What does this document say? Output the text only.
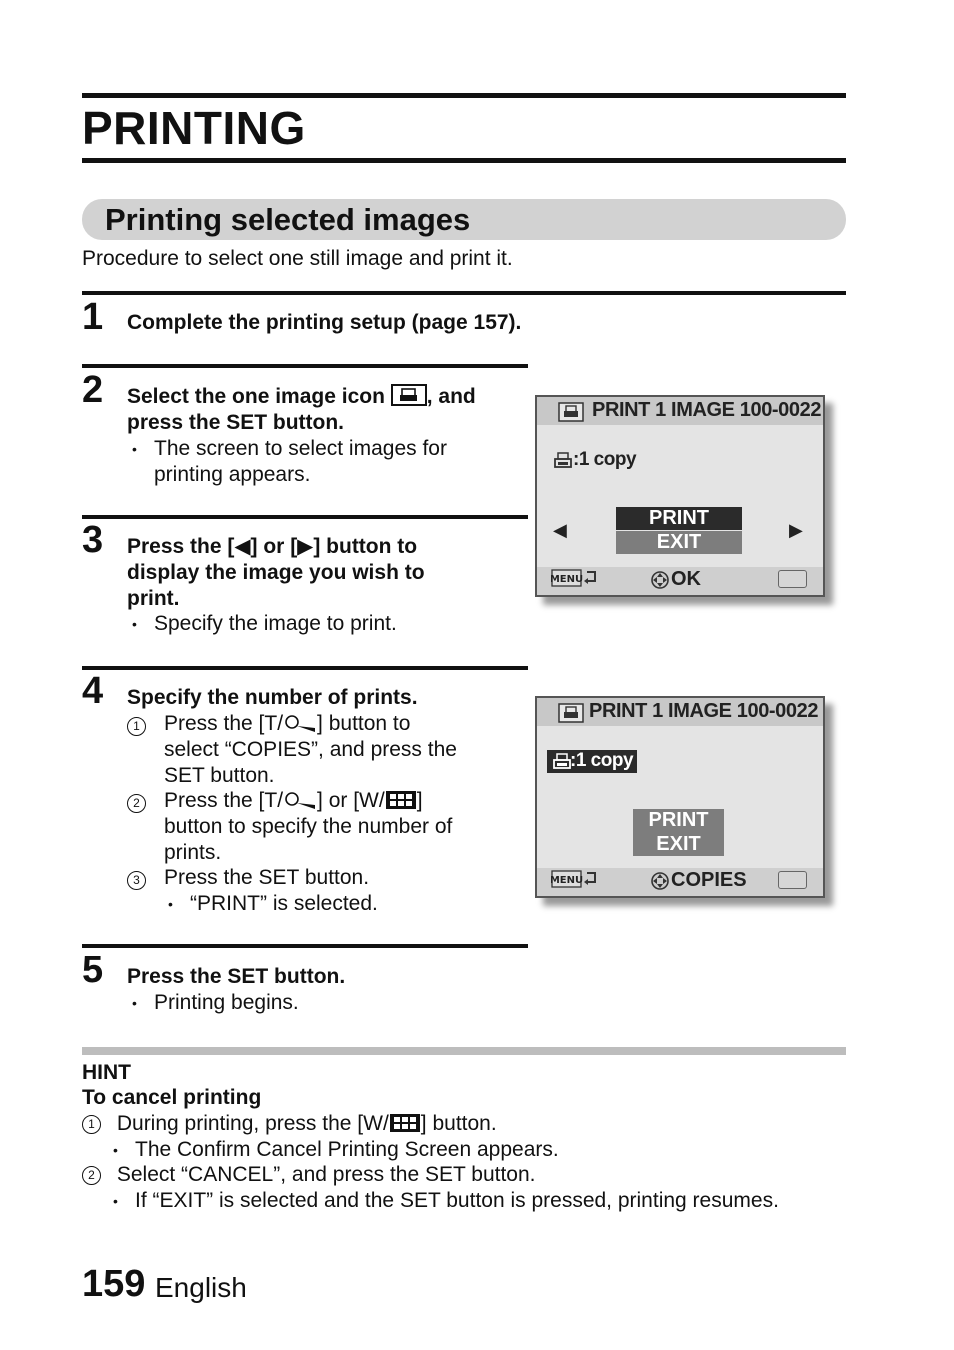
PRINTING
Printing selected images
Procedure to select one still image and print it.
1 Complete the printing setup (page 157).
2 Select the one image icon , and
press the SET button.
• The screen to select images for
printing appears.
3 Press the [◀] or [▶] button to
display the image you wish to
print.
• Specify the image to print.
PRINT 1 IMAGE 100-0022
:1 copy
◀	▶
PRINT
EXIT
MENU	OK
4 Specify the number of prints.
1 Press the [T/ ] button to
select “COPIES”, and press the
SET button.
2 Press the [T/ ] or [W/ ]
button to specify the number of
prints.
3 Press the SET button.
• “PRINT” is selected.
PRINT 1 IMAGE 100-0022
:1 copy
PRINT
EXIT
MENU	COPIES
5 Press the SET button.
• Printing begins.
HINT
To cancel printing
1 During printing, press the [W/ ] button.
• The Confirm Cancel Printing Screen appears.
2 Select “CANCEL”, and press the SET button.
• If “EXIT” is selected and the SET button is pressed, printing resumes.
159 English
